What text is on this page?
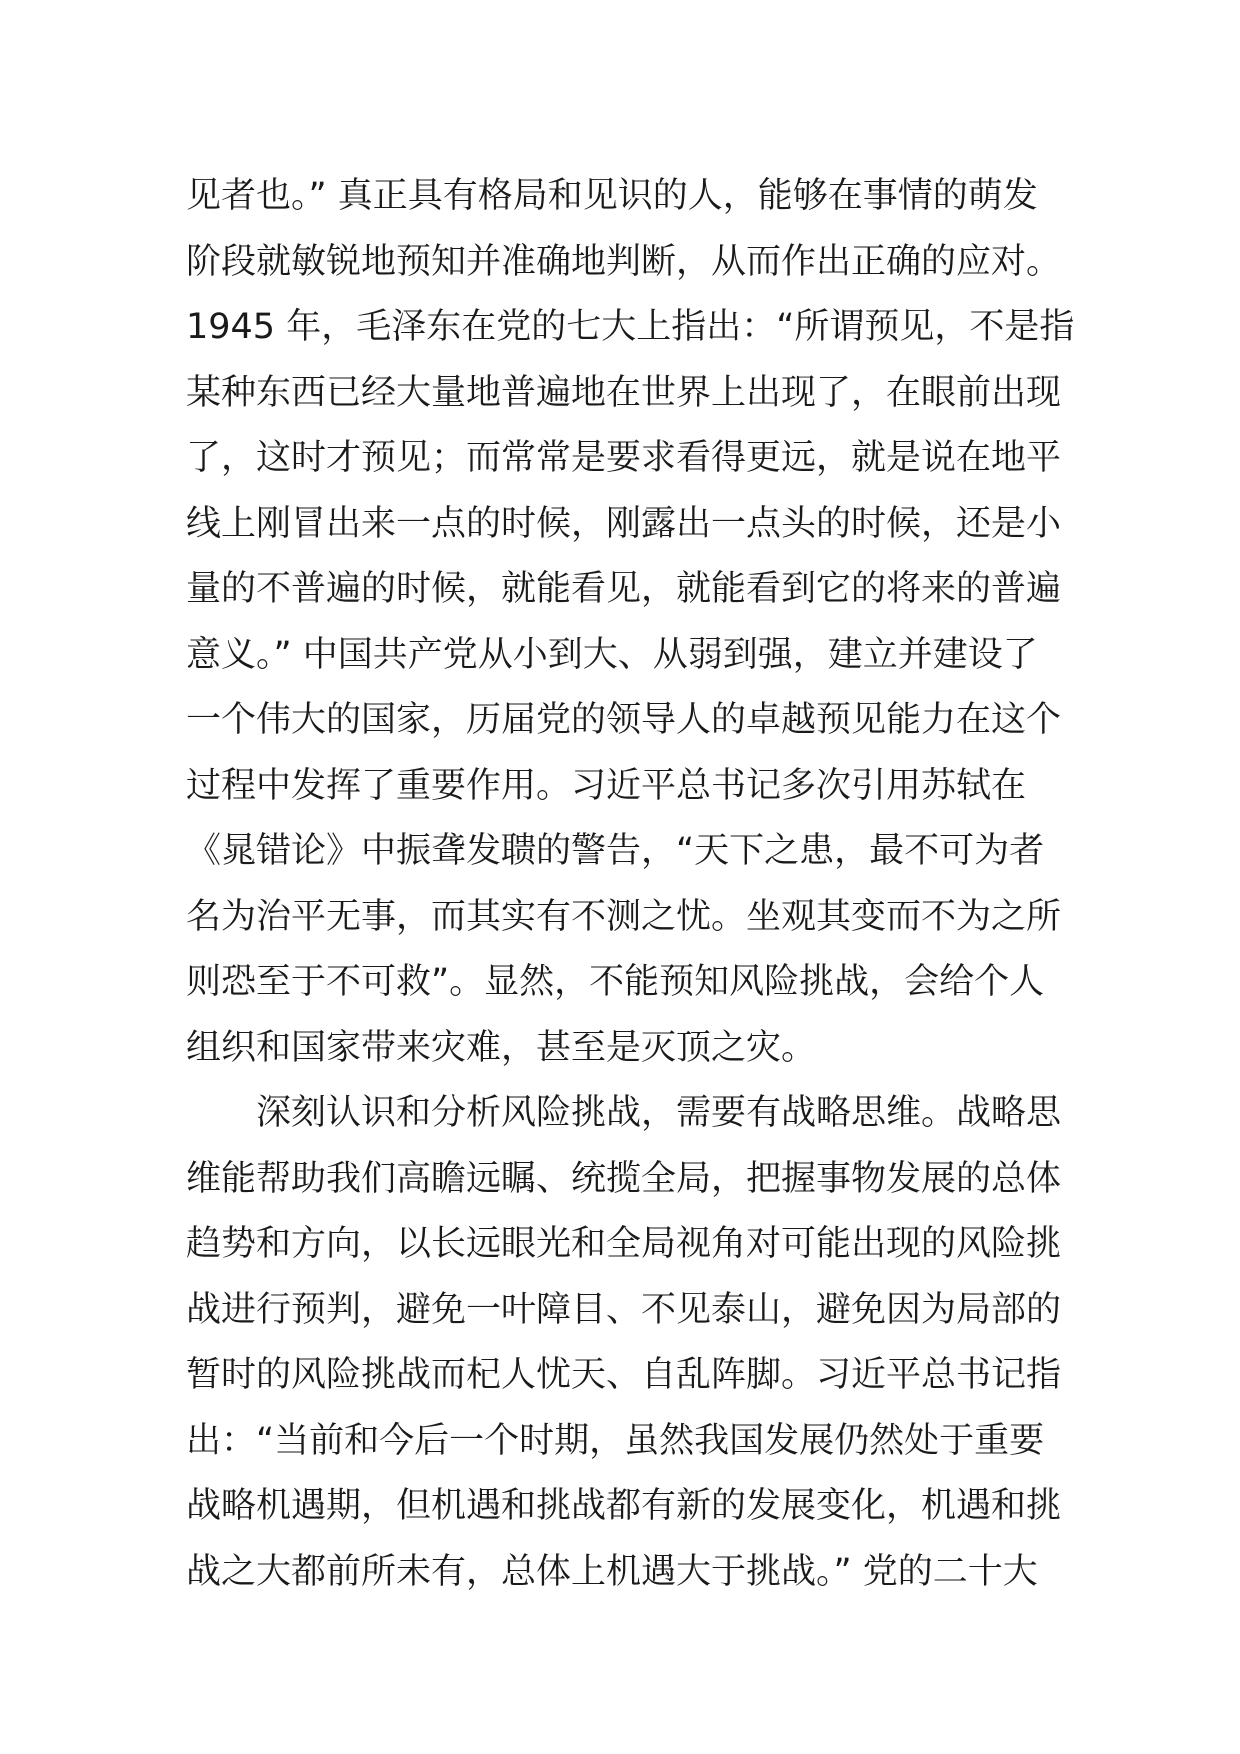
见者也。” 真正具有格局和见识的人，能够在事情的萌发
阶段就敏锐地预知并准确地判断，从而作出正确的应对。
1945 年，毛泽东在党的七大上指出：“所谓预见，不是指
某种东西已经大量地普遍地在世界上出现了，在眼前出现
了，这时才预见；而常常是要求看得更远，就是说在地平
线上刚冒出来一点的时候，刚露出一点头的时候，还是小
量的不普遍的时候，就能看见，就能看到它的将来的普遍
意义。” 中国共产党从小到大、从弱到强，建立并建设了
一个伟大的国家，历届党的领导人的卓越预见能力在这个
过程中发挥了重要作用。习近平总书记多次引用苏轼在
《晁错论》中振聋发聩的警告，“天下之患，最不可为者
名为治平无事，而其实有不测之忧。坐观其变而不为之所
则恐至于不可救”。显然，不能预知风险挑战，会给个人
组织和国家带来灾难，甚至是灭顶之灾。
深刻认识和分析风险挑战，需要有战略思维。战略思
维能帮助我们高瞻远瞩、统揽全局，把握事物发展的总体
趋势和方向，以长远眼光和全局视角对可能出现的风险挑
战进行预判，避免一叶障目、不见泰山，避免因为局部的
暂时的风险挑战而杞人忧天、自乱阵脚。习近平总书记指
出：“当前和今后一个时期，虽然我国发展仍然处于重要
战略机遇期，但机遇和挑战都有新的发展变化，机遇和挑
战之大都前所未有，总体上机遇大于挑战。” 党的二十大
